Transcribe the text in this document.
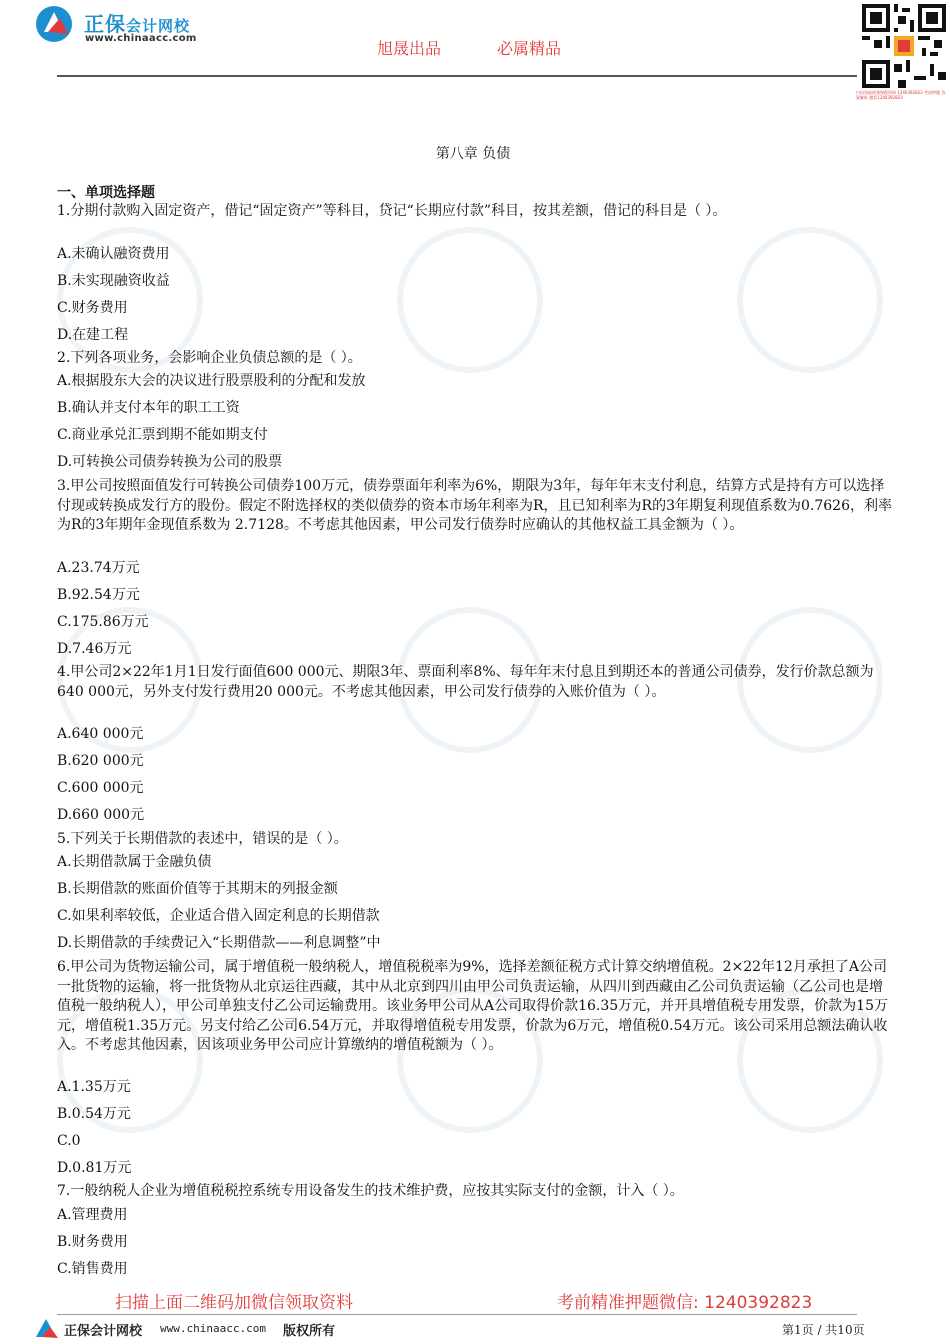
正保会计网校
www.chinaacc.com
旭晟出品	必属精品
扫码领取视频课程资料 1240392823 考前押题 答案解析 微信1240392823
第八章 负债
一、单项选择题
1.分期付款购入固定资产，借记“固定资产”等科目，贷记“长期应付款”科目，按其差额，借记的科目是（ ）。
A.未确认融资费用
B.未实现融资收益
C.财务费用
D.在建工程
2.下列各项业务，会影响企业负债总额的是（ ）。
A.根据股东大会的决议进行股票股利的分配和发放
B.确认并支付本年的职工工资
C.商业承兑汇票到期不能如期支付
D.可转换公司债券转换为公司的股票
3.甲公司按照面值发行可转换公司债券100万元，债券票面年利率为6%，期限为3年，每年年末支付利息，结算方式是持有方可以选择付现或转换成发行方的股份。假定不附选择权的类似债券的资本市场年利率为R，且已知利率为R的3年期复利现值系数为0.7626，利率为R的3年期年金现值系数为 2.7128。不考虑其他因素，甲公司发行债券时应确认的其他权益工具金额为（ ）。
A.23.74万元
B.92.54万元
C.175.86万元
D.7.46万元
4.甲公司2×22年1月1日发行面值600 000元、期限3年、票面利率8%、每年年末付息且到期还本的普通公司债券，发行价款总额为640 000元，另外支付发行费用20 000元。不考虑其他因素，甲公司发行债券的入账价值为（ ）。
A.640 000元
B.620 000元
C.600 000元
D.660 000元
5.下列关于长期借款的表述中，错误的是（ ）。
A.长期借款属于金融负债
B.长期借款的账面价值等于其期末的列报金额
C.如果利率较低，企业适合借入固定利息的长期借款
D.长期借款的手续费记入“长期借款——利息调整”中
6.甲公司为货物运输公司，属于增值税一般纳税人，增值税税率为9%，选择差额征税方式计算交纳增值税。2×22年12月承担了A公司一批货物的运输，将一批货物从北京运往西藏，其中从北京到四川由甲公司负责运输，从四川到西藏由乙公司负责运输（乙公司也是增值税一般纳税人），甲公司单独支付乙公司运输费用。该业务甲公司从A公司取得价款16.35万元，并开具增值税专用发票，价款为15万元，增值税1.35万元。另支付给乙公司6.54万元，并取得增值税专用发票，价款为6万元，增值税0.54万元。该公司采用总额法确认收入。不考虑其他因素，因该项业务甲公司应计算缴纳的增值税额为（ ）。
A.1.35万元
B.0.54万元
C.0
D.0.81万元
7.一般纳税人企业为增值税税控系统专用设备发生的技术维护费，应按其实际支付的金额，计入（ ）。
A.管理费用
B.财务费用
C.销售费用
扫描上面二维码加微信领取资料	考前精准押题微信: 1240392823
正保会计网校 www.chinaacc.com 版权所有	第1页 / 共10页
